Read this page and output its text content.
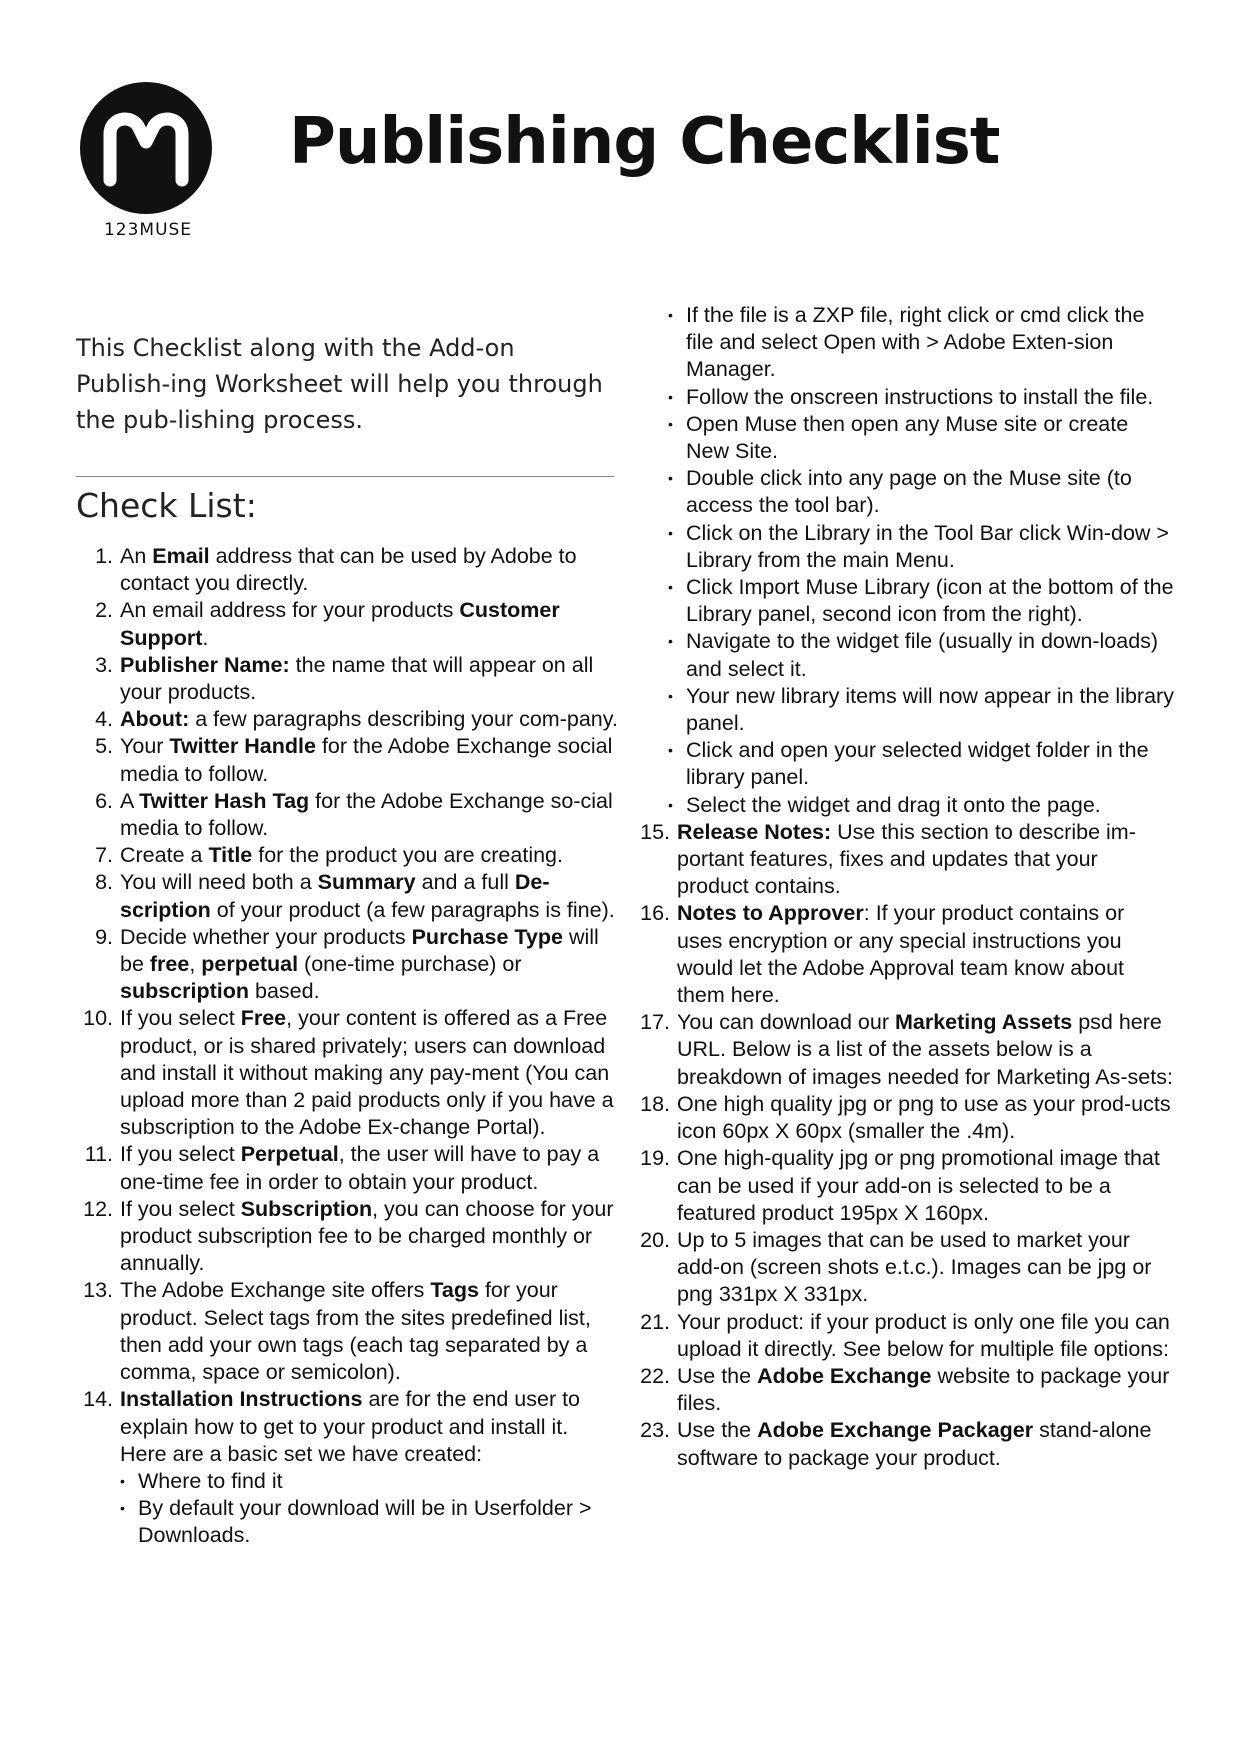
123MUSE
Publishing Checklist

This Checklist along with the Add-on Publish-ing Worksheet will help you through the pub-lishing process.

Check List:
1. An Email address that can be used by Adobe to contact you directly.
2. An email address for your products Customer Support.
3. Publisher Name: the name that will appear on all your products.
4. About: a few paragraphs describing your com-pany.
5. Your Twitter Handle for the Adobe Exchange social media to follow.
6. A Twitter Hash Tag for the Adobe Exchange so-cial media to follow.
7. Create a Title for the product you are creating.
8. You will need both a Summary and a full De-scription of your product (a few paragraphs is fine).
9. Decide whether your products Purchase Type will be free, perpetual (one-time purchase) or subscription based.
10. If you select Free, your content is offered as a Free product, or is shared privately; users can download and install it without making any pay-ment (You can upload more than 2 paid products only if you have a subscription to the Adobe Ex-change Portal).
11. If you select Perpetual, the user will have to pay a one-time fee in order to obtain your product.
12. If you select Subscription, you can choose for your product subscription fee to be charged monthly or annually.
13. The Adobe Exchange site offers Tags for your product. Select tags from the sites predefined list, then add your own tags (each tag separated by a comma, space or semicolon).
14. Installation Instructions are for the end user to explain how to get to your product and install it. Here are a basic set we have created:
• Where to find it
• By default your download will be in Userfolder > Downloads.
• If the file is a ZXP file, right click or cmd click the file and select Open with > Adobe Exten-sion Manager.
• Follow the onscreen instructions to install the file.
• Open Muse then open any Muse site or create New Site.
• Double click into any page on the Muse site (to access the tool bar).
• Click on the Library in the Tool Bar click Win-dow > Library from the main Menu.
• Click Import Muse Library (icon at the bottom of the Library panel, second icon from the right).
• Navigate to the widget file (usually in down-loads) and select it.
• Your new library items will now appear in the library panel.
• Click and open your selected widget folder in the library panel.
• Select the widget and drag it onto the page.
15. Release Notes: Use this section to describe im-portant features, fixes and updates that your product contains.
16. Notes to Approver: If your product contains or uses encryption or any special instructions you would let the Adobe Approval team know about them here.
17. You can download our Marketing Assets psd here URL. Below is a list of the assets below is a breakdown of images needed for Marketing As-sets:
18. One high quality jpg or png to use as your prod-ucts icon 60px X 60px (smaller the .4m).
19. One high-quality jpg or png promotional image that can be used if your add-on is selected to be a featured product 195px X 160px.
20. Up to 5 images that can be used to market your add-on (screen shots e.t.c.). Images can be jpg or png 331px X 331px.
21. Your product: if your product is only one file you can upload it directly. See below for multiple file options:
22. Use the Adobe Exchange website to package your files.
23. Use the Adobe Exchange Packager stand-alone software to package your product.
